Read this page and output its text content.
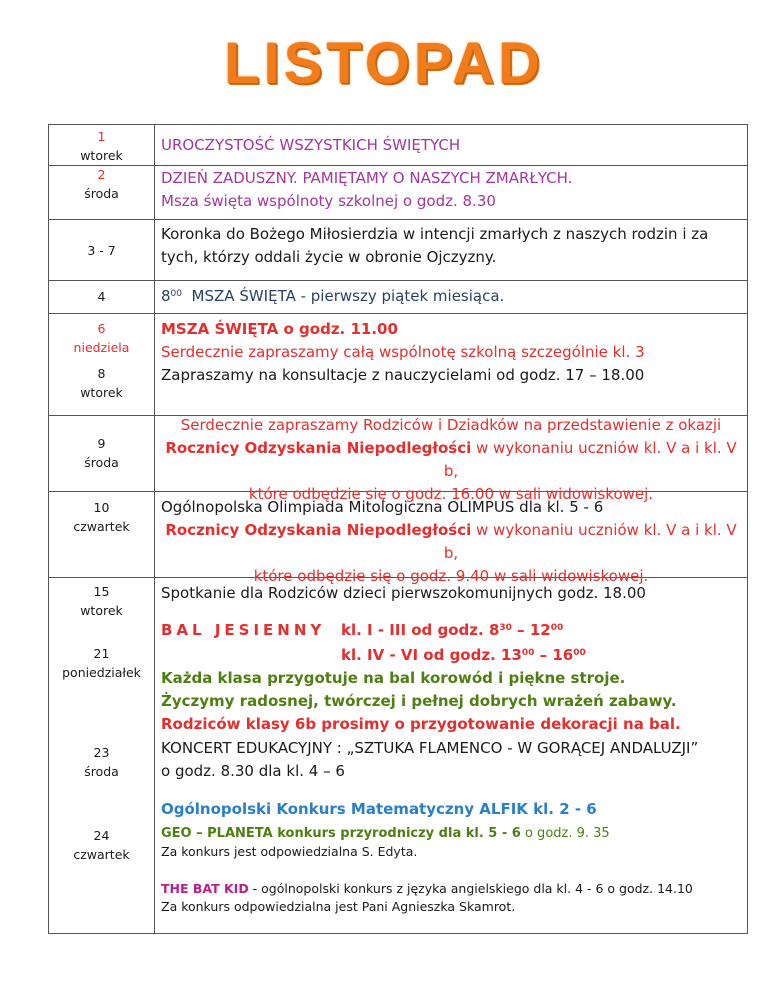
LISTOPAD
1
wtorek
UROCZYSTOŚĆ WSZYSTKICH ŚWIĘTYCH
2
środa
DZIEŃ ZADUSZNY. PAMIĘTAMY O NASZYCH ZMARŁYCH.
Msza święta wspólnoty szkolnej o godz. 8.30
3 - 7
Koronka do Bożego Miłosierdzia w intencji zmarłych z naszych rodzin i za
tych, którzy oddali życie w obronie Ojczyzny.
4	$8^{00}$ MSZA ŚWIĘTA - pierwszy piątek miesiąca.
6
niedziela
MSZA ŚWIĘTA o godz. 11.00
Serdecznie zapraszamy całą wspólnotę szkolną szczególnie kl. 3
8
wtorek
Zapraszamy na konsultacje z nauczycielami od godz. 17 – 18.00
9
środa
Serdecznie zapraszamy Rodziców i Dziadków na przedstawienie z okazji
Rocznicy Odzyskania Niepodległości w wykonaniu uczniów kl. V a i kl. V b,
które odbędzie się o godz. 16.00 w sali widowiskowej.
10
czwartek
Ogólnopolska Olimpiada Mitologiczna OLIMPUS dla kl. 5 - 6
Rocznicy Odzyskania Niepodległości w wykonaniu uczniów kl. V a i kl. V b,
które odbędzie się o godz. 9.40 w sali widowiskowej.
15
wtorek
Spotkanie dla Rodziców dzieci pierwszokomunijnych godz. 18.00
21
poniedziałek
BAL JESIENNY kl. I - III od godz. $8^{30} - 12^{00}$
kl. IV - VI od godz. $13^{00} - 16^{00}$
Każda klasa przygotuje na bal korowód i piękne stroje.
Życzymy radosnej, twórczej i pełnej dobrych wrażeń zabawy.
Rodziców klasy 6b prosimy o przygotowanie dekoracji na bal.
23
środa
KONCERT EDUKACYJNY : „SZTUKA FLAMENCO - W GORĄCEJ ANDALUZJI”
o godz. 8.30 dla kl. 4 – 6
24
czwartek
Ogólnopolski Konkurs Matematyczny ALFIK kl. 2 - 6
GEO – PLANETA konkurs przyrodniczy dla kl. 5 - 6 o godz. 9. 35
Za konkurs jest odpowiedzialna S. Edyta.
THE BAT KID - ogólnopolski konkurs z języka angielskiego dla kl. 4 - 6 o godz. 14.10
Za konkurs odpowiedzialna jest Pani Agnieszka Skamrot.
